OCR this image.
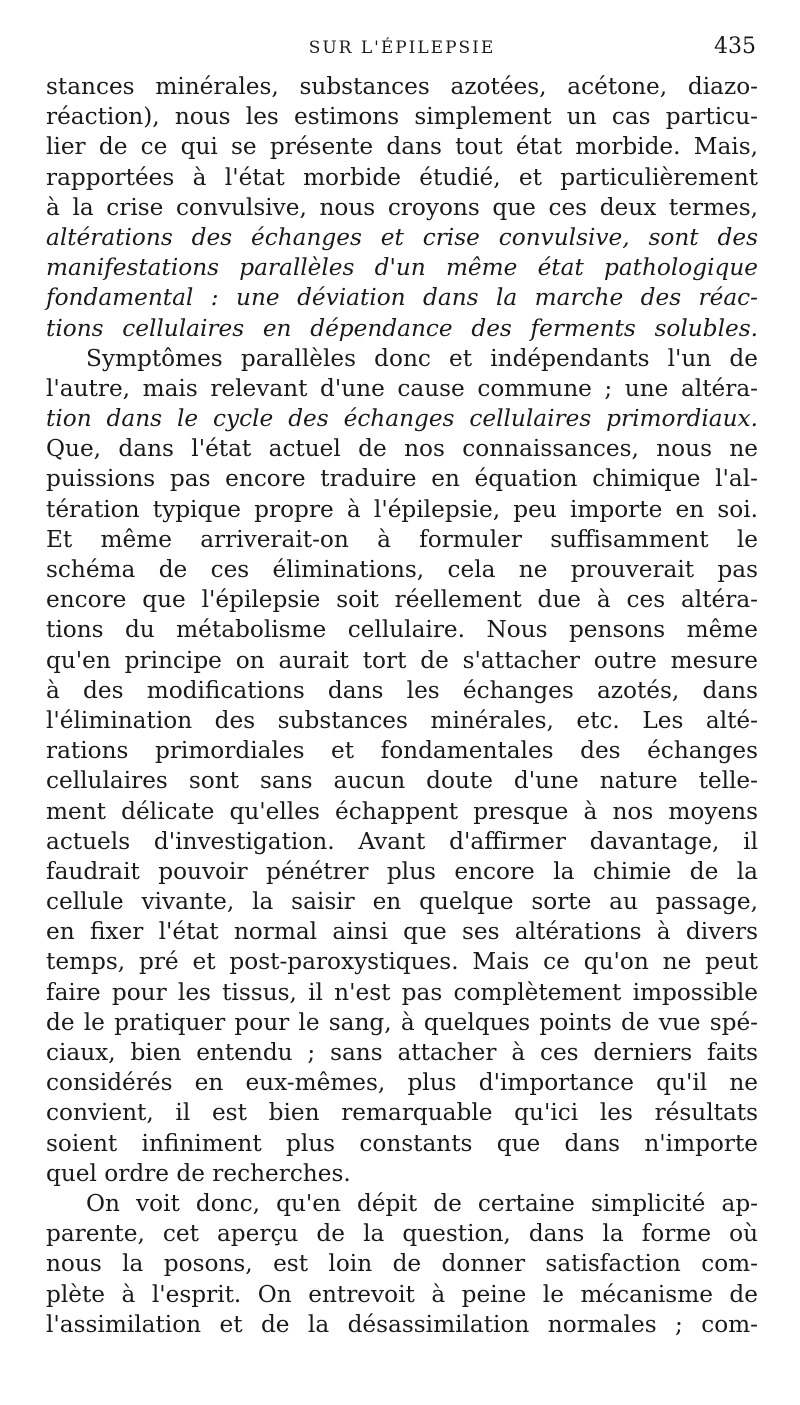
SUR L'ÉPILEPSIE	435
stances minérales, substances azotées, acétone, diazo-
réaction), nous les estimons simplement un cas particu-
lier de ce qui se présente dans tout état morbide. Mais,
rapportées à l'état morbide étudié, et particulièrement
à la crise convulsive, nous croyons que ces deux termes,
altérations des échanges et crise convulsive, sont des
manifestations parallèles d'un même état pathologique
fondamental : une déviation dans la marche des réac-
tions cellulaires en dépendance des ferments solubles.
Symptômes parallèles donc et indépendants l'un de
l'autre, mais relevant d'une cause commune ; une altéra-
tion dans le cycle des échanges cellulaires primordiaux.
Que, dans l'état actuel de nos connaissances, nous ne
puissions pas encore traduire en équation chimique l'al-
tération typique propre à l'épilepsie, peu importe en soi.
Et même arriverait-on à formuler suffisamment le
schéma de ces éliminations, cela ne prouverait pas
encore que l'épilepsie soit réellement due à ces altéra-
tions du métabolisme cellulaire. Nous pensons même
qu'en principe on aurait tort de s'attacher outre mesure
à des modifications dans les échanges azotés, dans
l'élimination des substances minérales, etc. Les alté-
rations primordiales et fondamentales des échanges
cellulaires sont sans aucun doute d'une nature telle-
ment délicate qu'elles échappent presque à nos moyens
actuels d'investigation. Avant d'affirmer davantage, il
faudrait pouvoir pénétrer plus encore la chimie de la
cellule vivante, la saisir en quelque sorte au passage,
en fixer l'état normal ainsi que ses altérations à divers
temps, pré et post-paroxystiques. Mais ce qu'on ne peut
faire pour les tissus, il n'est pas complètement impossible
de le pratiquer pour le sang, à quelques points de vue spé-
ciaux, bien entendu ; sans attacher à ces derniers faits
considérés en eux-mêmes, plus d'importance qu'il ne
convient, il est bien remarquable qu'ici les résultats
soient infiniment plus constants que dans n'importe
quel ordre de recherches.
On voit donc, qu'en dépit de certaine simplicité ap-
parente, cet aperçu de la question, dans la forme où
nous la posons, est loin de donner satisfaction com-
plète à l'esprit. On entrevoit à peine le mécanisme de
l'assimilation et de la désassimilation normales ; com-
